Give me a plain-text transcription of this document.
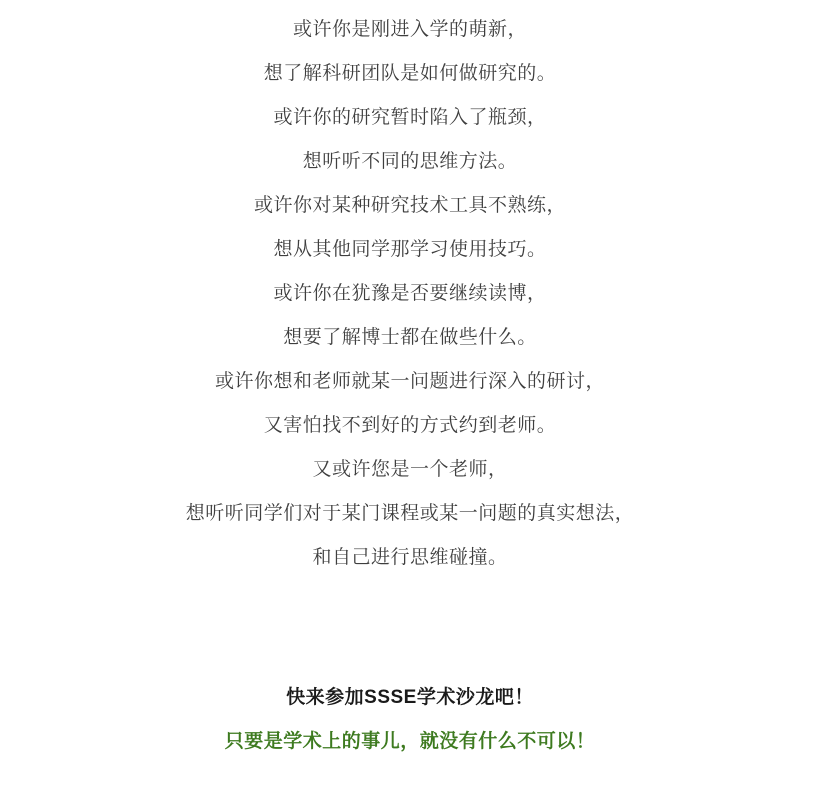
或许你是刚进入学的萌新，

想了解科研团队是如何做研究的。

或许你的研究暂时陷入了瓶颈，

想听听不同的思维方法。

或许你对某种研究技术工具不熟练，

想从其他同学那学习使用技巧。

或许你在犹豫是否要继续读博，

想要了解博士都在做些什么。

或许你想和老师就某一问题进行深入的研讨，

又害怕找不到好的方式约到老师。

又或许您是一个老师，

想听听同学们对于某门课程或某一问题的真实想法，

和自己进行思维碰撞。

快来参加SSSE学术沙龙吧！

只要是学术上的事儿，就没有什么不可以！
